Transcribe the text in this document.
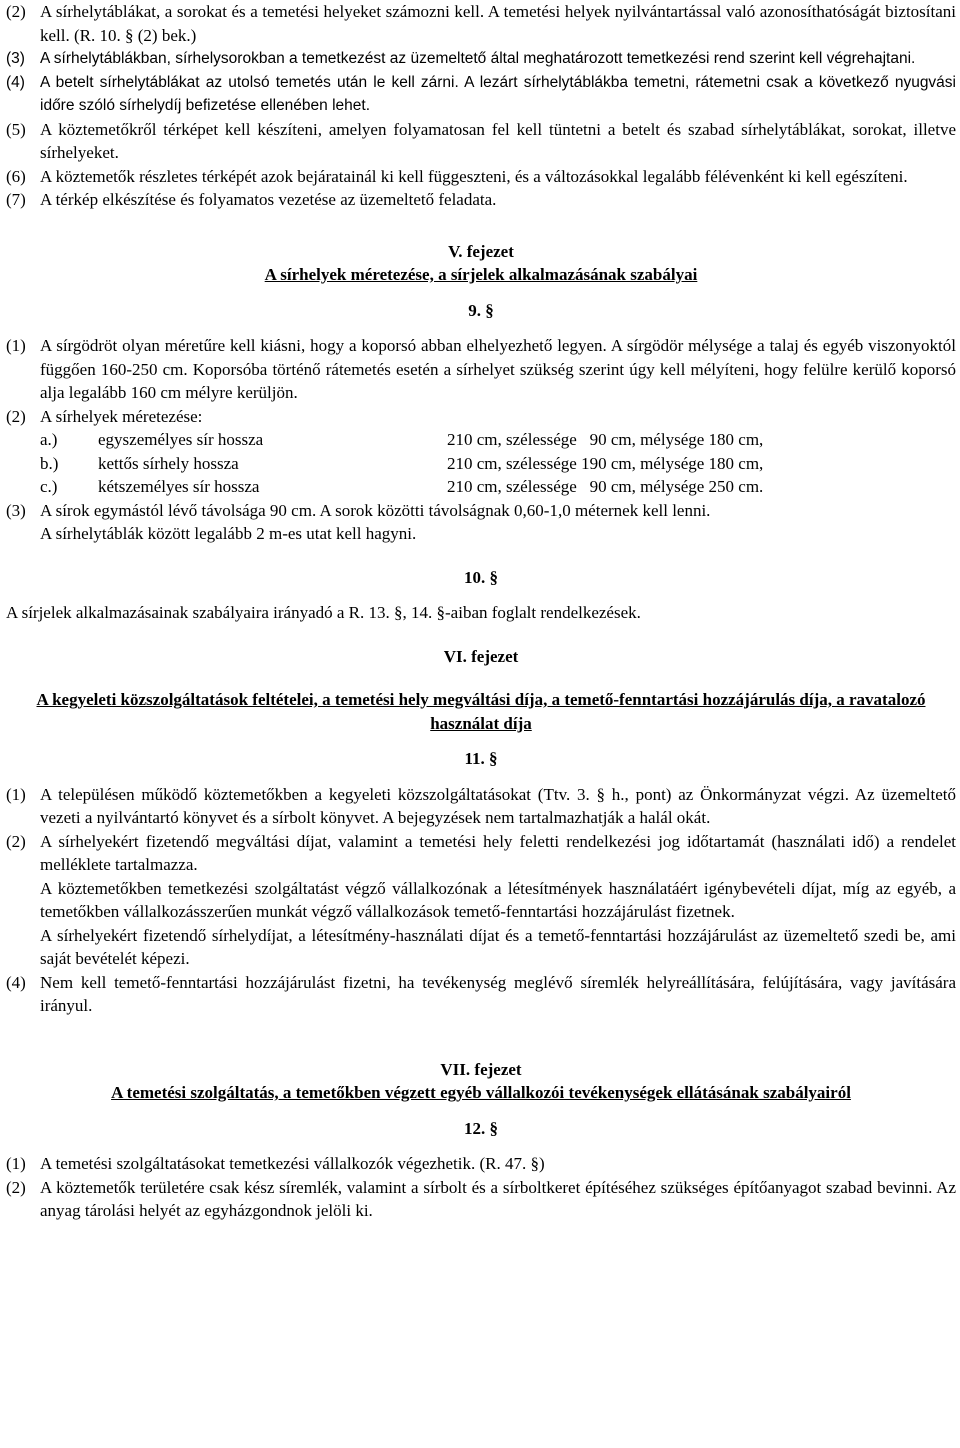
(2) A sírhelytáblákat, a sorokat és a temetési helyeket számozni kell. A temetési helyek nyilvántartással való azonosíthatóságát biztosítani kell. (R. 10. § (2) bek.)

(3) A sírhelytáblákban, sírhelysorokban a temetkezést az üzemeltető által meghatározott temetkezési rend szerint kell végrehajtani.

(4) A betelt sírhelytáblákat az utolsó temetés után le kell zárni. A lezárt sírhelytáblákba temetni, rátemetni csak a következő nyugvási időre szóló sírhelydíj befizetése ellenében lehet.

(5) A köztemetőkről térképet kell készíteni, amelyen folyamatosan fel kell tüntetni a betelt és szabad sírhelytáblákat, sorokat, illetve sírhelyeket.

(6) A köztemetők részletes térképét azok bejáratainál ki kell függeszteni, és a változásokkal legalább félévenként ki kell egészíteni.

(7) A térkép elkészítése és folyamatos vezetése az üzemeltető feladata.

V. fejezet

A sírhelyek méretezése, a sírjelek alkalmazásának szabályai

9. §

(1) A sírgödröt olyan méretűre kell kiásni, hogy a koporsó abban elhelyezhető legyen. A sírgödör mélysége a talaj és egyéb viszonyoktól függően 160-250 cm. Koporsóba történő rátemetés esetén a sírhelyet szükség szerint úgy kell mélyíteni, hogy felülre kerülő koporsó alja legalább 160 cm mélyre kerüljön.

(2) A sírhelyek méretezése:

a.)	egyszemélyes sír hossza	210 cm, szélessége   90 cm, mélysége 180 cm,
b.)	kettős sírhely hossza	210 cm, szélessége 190 cm, mélysége 180 cm,
c.)	kétszemélyes sír hossza	210 cm, szélessége   90 cm, mélysége 250 cm.

(3) A sírok egymástól lévő távolsága 90 cm. A sorok közötti távolságnak 0,60-1,0 méternek kell lenni.

A sírhelytáblák között legalább 2 m-es utat kell hagyni.

10. §

A sírjelek alkalmazásainak szabályaira irányadó a R. 13. §, 14. §-aiban foglalt rendelkezések.

VI. fejezet

A kegyeleti közszolgáltatások feltételei, a temetési hely megváltási díja, a temető-fenntartási hozzájárulás díja, a ravatalozó használat díja

11. §

(1) A településen működő köztemetőkben a kegyeleti közszolgáltatásokat (Ttv. 3. § h., pont) az Önkormányzat végzi. Az üzemeltető vezeti a nyilvántartó könyvet és a sírbolt könyvet. A bejegyzések nem tartalmazhatják a halál okát.

(2) A sírhelyekért fizetendő megváltási díjat, valamint a temetési hely feletti rendelkezési jog időtartamát (használati idő) a rendelet melléklete tartalmazza.

A köztemetőkben temetkezési szolgáltatást végző vállalkozónak a létesítmények használatáért igénybevételi díjat, míg az egyéb, a temetőkben vállalkozásszerűen munkát végző vállalkozások temető-fenntartási hozzájárulást fizetnek.

A sírhelyekért fizetendő sírhelydíjat, a létesítmény-használati díjat és a temető-fenntartási hozzájárulást az üzemeltető szedi be, ami saját bevételét képezi.

(4) Nem kell temető-fenntartási hozzájárulást fizetni, ha tevékenység meglévő síremlék helyreállítására, felújítására, vagy javítására irányul.

VII. fejezet

A temetési szolgáltatás, a temetőkben végzett egyéb vállalkozói tevékenységek ellátásának szabályairól

12. §

(1) A temetési szolgáltatásokat temetkezési vállalkozók végezhetik. (R. 47. §)

(2) A köztemetők területére csak kész síremlék, valamint a sírbolt és a sírboltkeret építéséhez szükséges építőanyagot szabad bevinni. Az anyag tárolási helyét az egyházgondnok jelöli ki.
